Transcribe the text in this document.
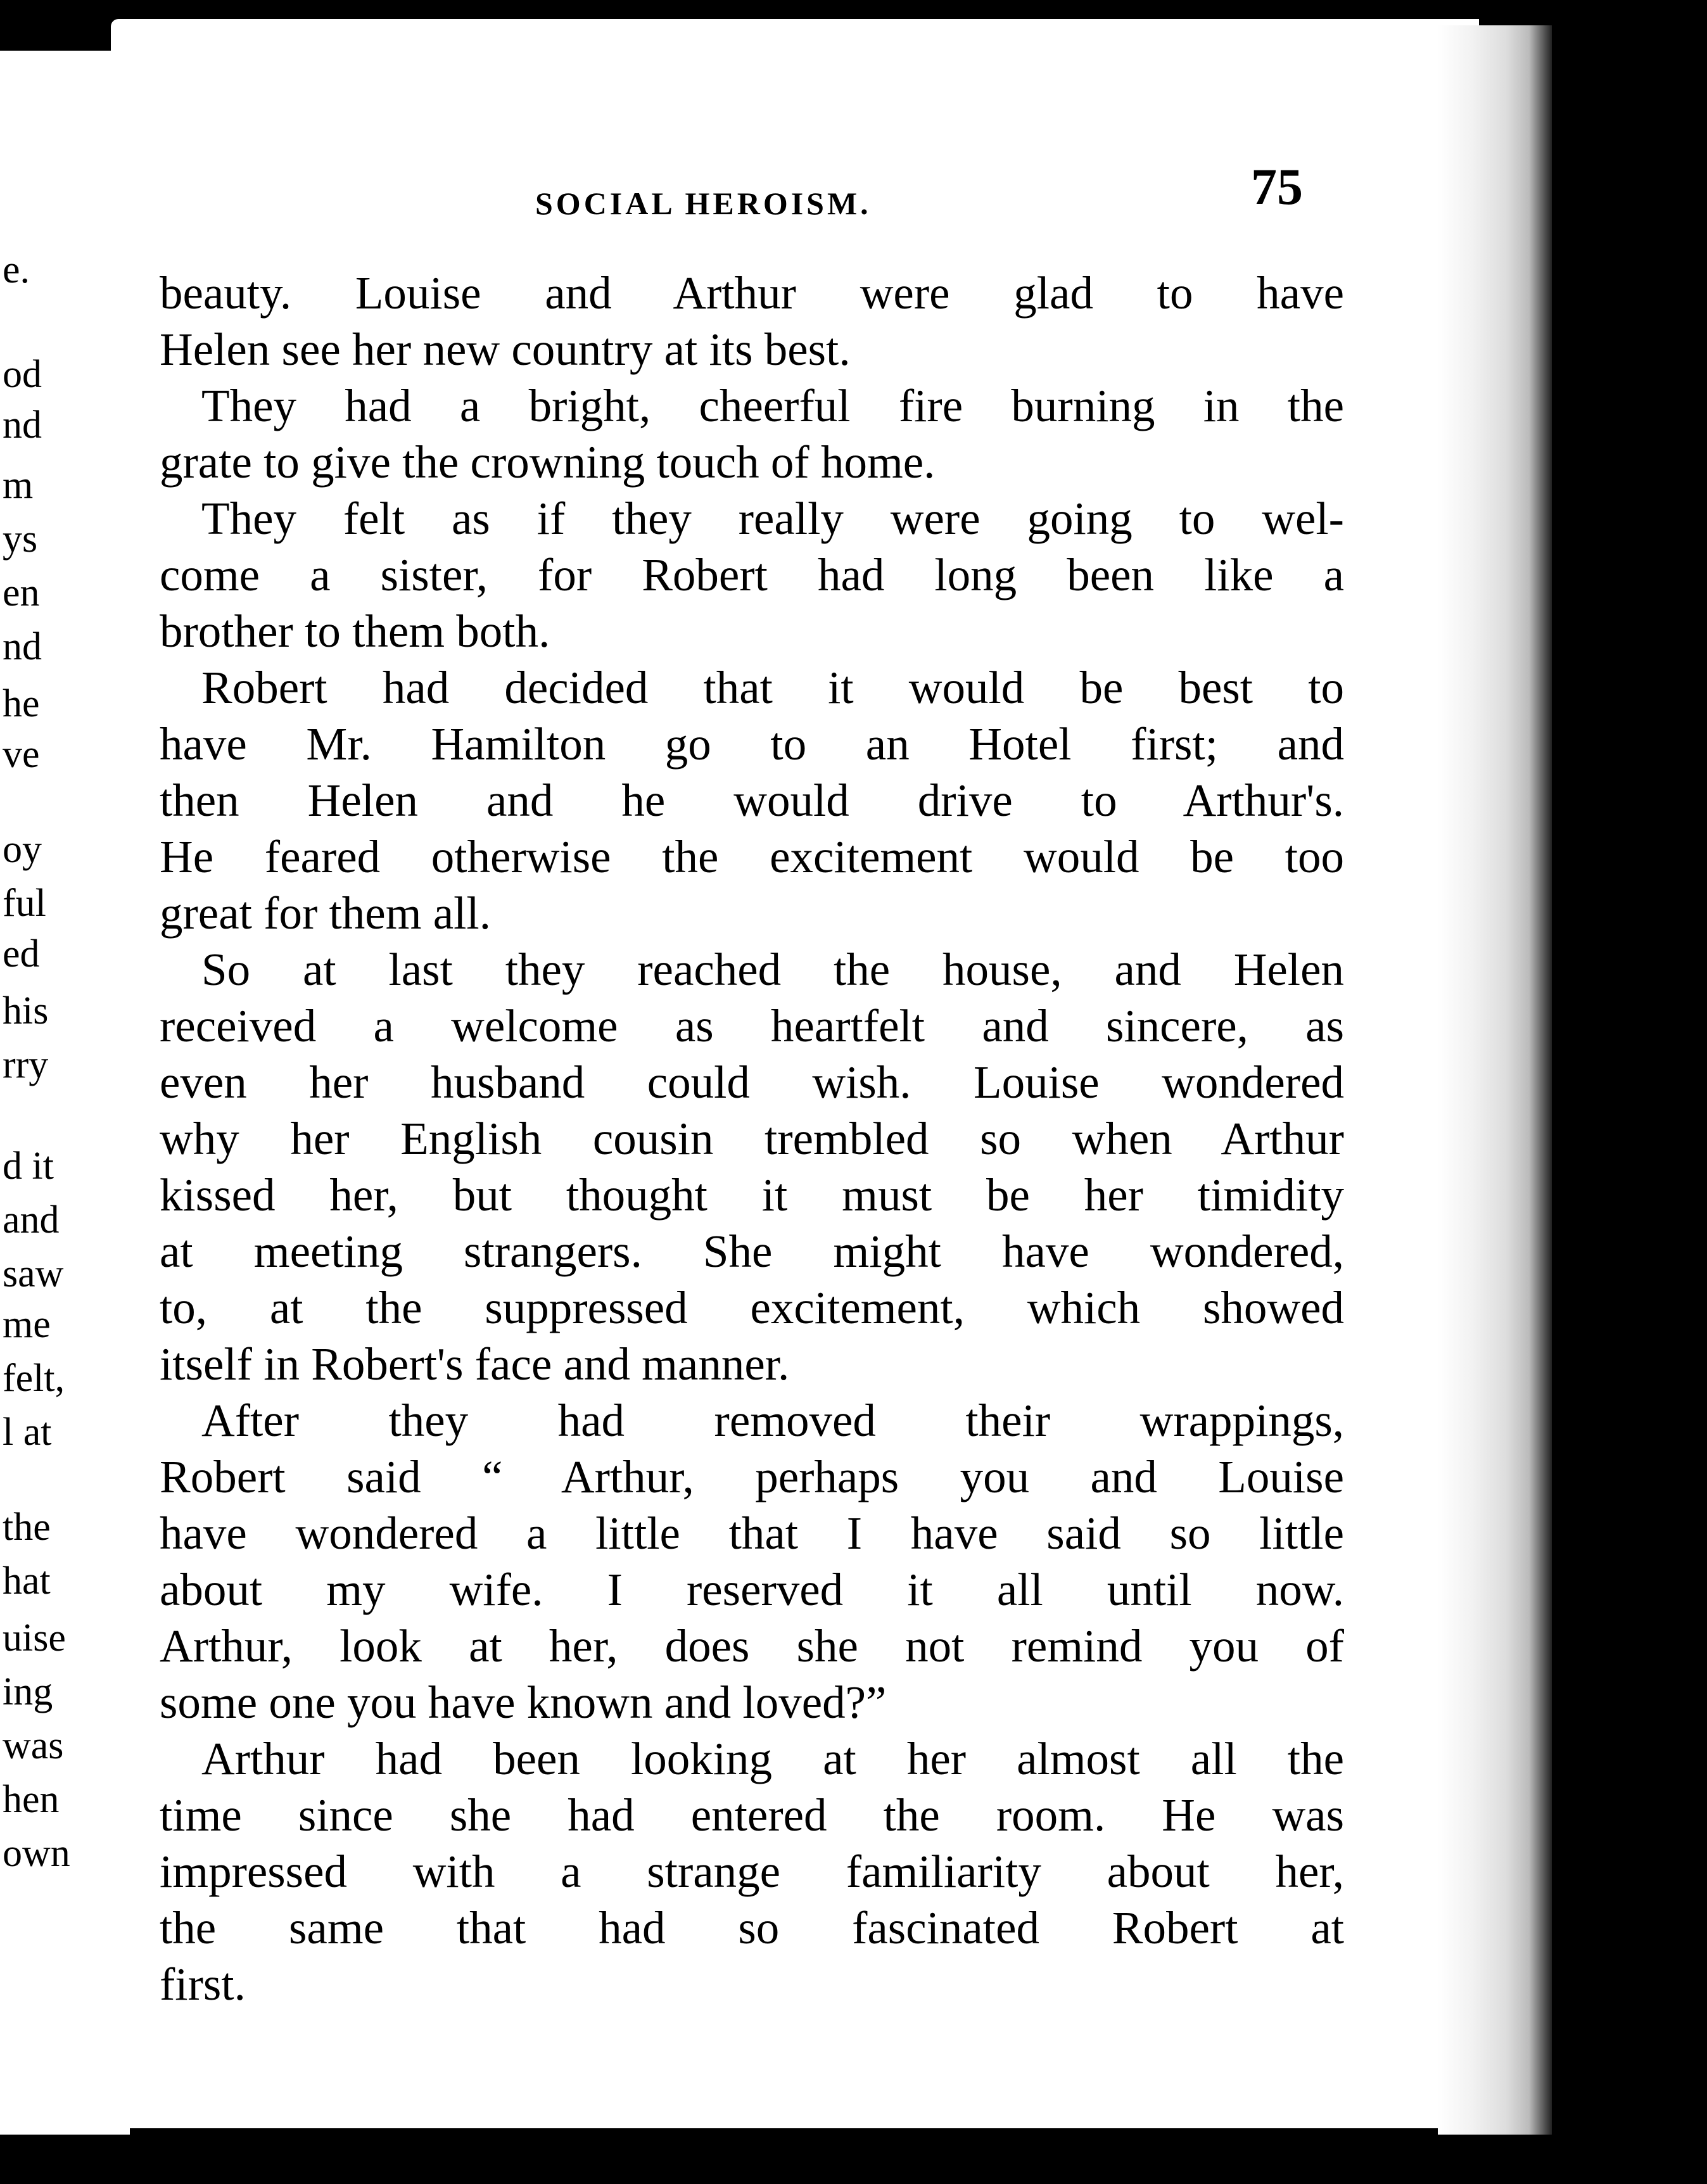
e.
od
nd
m
ys
en
nd
he
ve
oy
ful
ed
his
rry
d it
and
saw
me
felt,
l at
the
hat
uise
ing
was
hen
own
SOCIAL HEROISM.	75
beauty. Louise and Arthur were glad to have
Helen see her new country at its best.
They had a bright, cheerful fire burning in the
grate to give the crowning touch of home.
They felt as if they really were going to wel-
come a sister, for Robert had long been like a
brother to them both.
Robert had decided that it would be best to
have Mr. Hamilton go to an Hotel first; and
then Helen and he would drive to Arthur's.
He feared otherwise the excitement would be too
great for them all.
So at last they reached the house, and Helen
received a welcome as heartfelt and sincere, as
even her husband could wish. Louise wondered
why her English cousin trembled so when Arthur
kissed her, but thought it must be her timidity
at meeting strangers. She might have wondered,
to, at the suppressed excitement, which showed
itself in Robert's face and manner.
After they had removed their wrappings,
Robert said “ Arthur, perhaps you and Louise
have wondered a little that I have said so little
about my wife. I reserved it all until now.
Arthur, look at her, does she not remind you of
some one you have known and loved?”
Arthur had been looking at her almost all the
time since she had entered the room. He was
impressed with a strange familiarity about her,
the same that had so fascinated Robert at
first.
